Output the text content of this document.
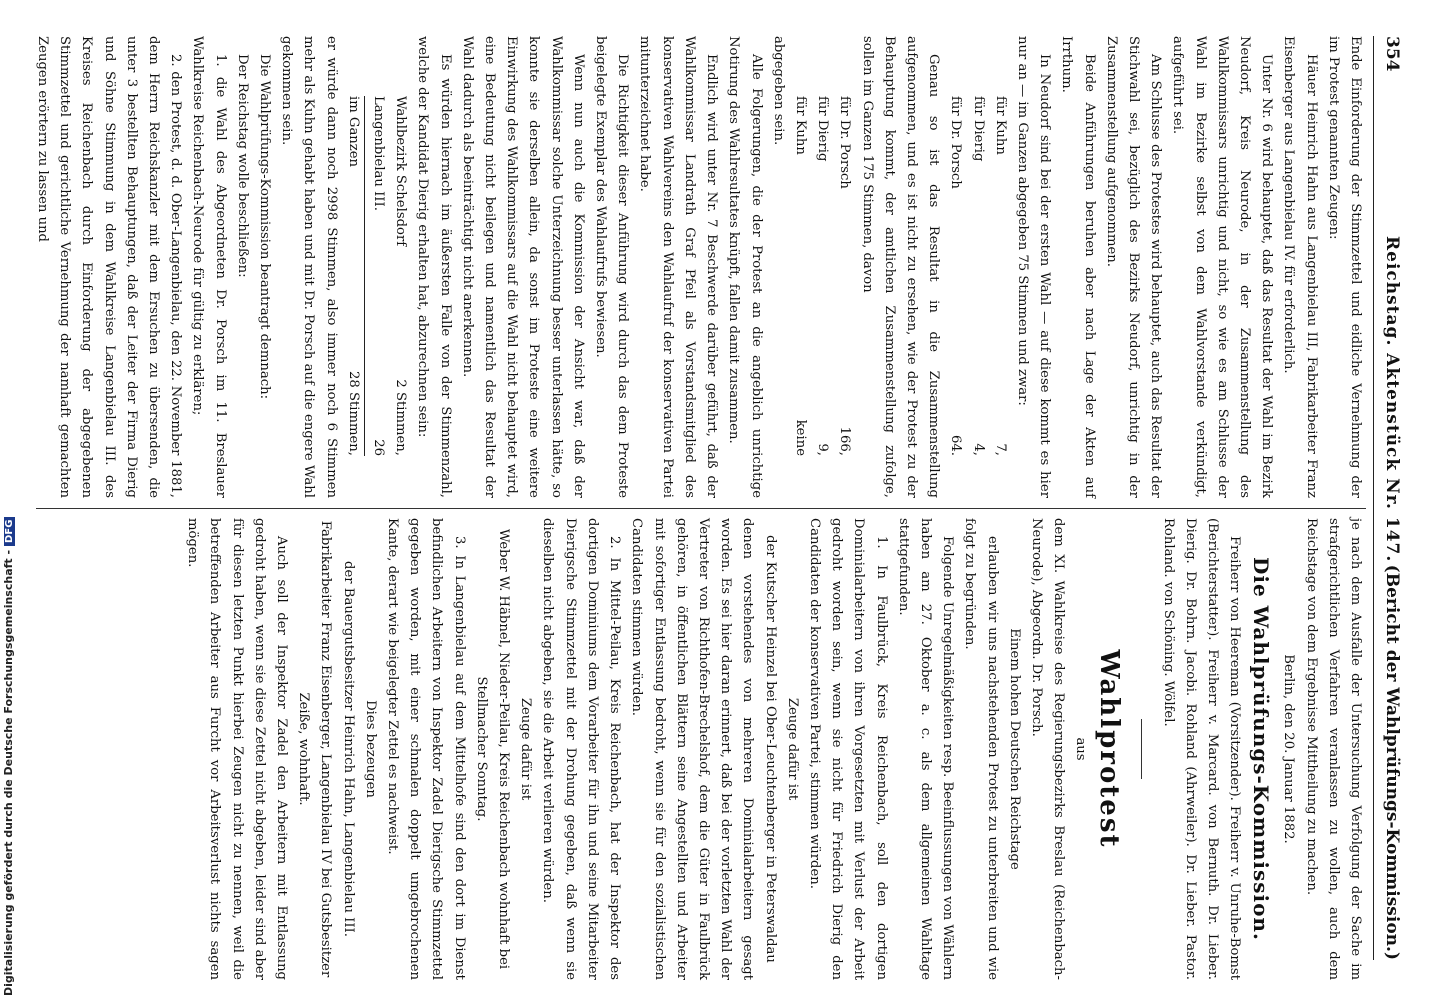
Digitalisierung gefördert durch die Deutsche Forschungsgemeinschaft -DFG
354
Reichstag. Aktenstück Nr. 147.
(Bericht der Wahlprüfungs-Kommission.)

Ende Einforderung der Stimmzettel und eidliche Vernehmung der im Protest genannten Zeugen:

Häuer Heinrich Hahn aus Langenbielau III, Fabrikarbeiter Franz Eisenberger aus Langenbielau IV. für erforderlich.

Unter Nr. 6 wird behauptet, daß das Resultat der Wahl im Bezirk Neudorf, Kreis Neurode, in der Zusammenstellung des Wahlkommissars unrichtig und nicht, so wie es am Schlusse der Wahl im Bezirke selbst von dem Wahlvorstande verkündigt, aufgeführt sei.

Am Schlusse des Protestes wird behauptet, auch das Resultat der Stichwahl sei, bezüglich des Bezirks Neudorf, unrichtig in der Zusammenstellung aufgenommen.

Beide Anführungen beruhen aber nach Lage der Akten auf Irrthum.

In Neudorf sind bei der ersten Wahl — auf diese kommt es hier nur an — im Ganzen abgegeben 75 Stimmen und zwar:

für Kuhn
7,
für Dierig
4,
für Dr. Porsch
64.

Genau so ist das Resultat in die Zusammenstellung aufgenommen, und es ist nicht zu ersehen, wie der Protest zu der Behauptung kommt, der amtlichen Zusammenstellung zufolge, sollen im Ganzen 175 Stimmen, davon

für Dr. Porsch
166,
für Dierig
9,
für Kuhn
keine

abgegeben sein.

Alle Folgerungen, die der Protest an die angeblich unrichtige Notirung des Wahlresultates knüpft, fallen damit zusammen.

Endlich wird unter Nr. 7 Beschwerde darüber geführt, daß der Wahlkommissar Landrath Graf Pfeil als Vorstandsmitglied des konservativen Wahlvereins den Wahlaufruf der konservativen Partei mitunterzeichnet habe.

Die Richtigkeit dieser Anführung wird durch das dem Proteste beigelegte Exemplar des Wahlaufrufs bewiesen.

Wenn nun auch die Kommission der Ansicht war, daß der Wahlkommissar solche Unterzeichnung besser unterlassen hätte, so konnte sie derselben allein, da sonst im Proteste eine weitere Einwirkung des Wahlkommissars auf die Wahl nicht behauptet wird, eine Bedeutung nicht beilegen und namentlich das Resultat der Wahl dadurch als beeinträchtigt nicht anerkennen.

Es würden hiernach im äußersten Falle von der Stimmenzahl, welche der Kandidat Dierig erhalten hat, abzurechnen sein:

Wahlbezirk Schelsdorf
2 Stimmen,
Langenbielau III.
26
im Ganzen
28 Stimmen,

er würde dann noch 2998 Stimmen, also immer noch 6 Stimmen mehr als Kuhn gehabt haben und mit Dr. Porsch auf die engere Wahl gekommen sein.

Die Wahlprüfungs-Kommission beantragt demnach:

Der Reichstag wolle beschließen:

1. die Wahl des Abgeordneten Dr. Porsch im 11. Breslauer Wahlkreise Reichenbach-Neurode für gültig zu erklären;

2. den Protest, d. d. Ober-Langenbielau, den 22. November 1881, dem Herrn Reichskanzler mit dem Ersuchen zu übersenden, die unter 3 bestellten Behauptungen, daß der Leiter der Firma Dierig und Söhne Stimmung in dem Wahlkreise Langenbielau III. des Kreises Reichenbach durch Einforderung der abgegebenen Stimmzettel und gerichtliche Vernehmung der namhaft gemachten Zeugen erörtern zu lassen und

je nach dem Ausfalle der Untersuchung Verfolgung der Sache im strafgerichtlichen Verfahren veranlassen zu wollen, auch dem Reichstage von dem Ergebnisse Mittheilung zu machen.

Berlin, den 20. Januar 1882.

Die Wahlprüfungs-Kommission.

Freiherr von Heereman (Vorsitzender). Freiherr v. Unruhe-Bomst (Berichterstatter). Freiherr v. Marcard. von Bernuth. Dr. Lieber. Dierig. Dr. Bohrn. Jacobi. Rohland (Ahrweiler). Dr. Lieber. Pastor. Rohland. von Schöning. Wölfel.

Wahlprotest

aus

dem XI. Wahlkreise des Regierungsbezirks Breslau (Reichenbach-Neurode), Abgeordn. Dr. Porsch.

Einem hohen Deutschen Reichstage

erlauben wir uns nachstehenden Protest zu unterbreiten und wie folgt zu begründen.

Folgende Unregelmäßigkeiten resp. Beeinflussungen von Wählern haben am 27. Oktober a. c. als dem allgemeinen Wahltage stattgefunden.

1. In Faulbrück, Kreis Reichenbach, soll den dortigen Dominialarbeitern von ihren Vorgesetzten mit Verlust der Arbeit gedroht worden sein, wenn sie nicht für Friedrich Dierig den Candidaten der konservativen Partei, stimmen würden.

Zeuge dafür ist

der Kutscher Heinzel bei Ober-Leuchtenberger in Peterswaldau

denen vorstehendes von mehreren Dominialarbeitern gesagt worden. Es sei hier daran erinnert, daß bei der vorletzten Wahl der Vertreter von Richthofen-Brechelshof, dem die Güter in Faulbrück gehören, in öffentlichen Blättern seine Angestellten und Arbeiter mit sofortiger Entlassung bedroht, wenn sie für den sozialistischen Candidaten stimmen würden.

2. In Mittel-Peilau, Kreis Reichenbach, hat der Inspektor des dortigen Dominiums dem Vorarbeiter für ihn und seine Mitarbeiter Dierigsche Stimmzettel mit der Drohung gegeben, daß wenn sie dieselben nicht abgeben, sie die Arbeit verlieren würden.

Zeuge dafür ist

Weber W. Häbnel, Nieder-Peilau, Kreis Reichenbach wohnhaft bei Stellmacher Sonntag.

3. In Langenbielau auf dem Mittelhofe sind den dort im Dienst befindlichen Arbeitern von Inspektor Zadel Dierigsche Stimmzettel gegeben worden, mit einer schmalen doppelt umgebrochenen Kante, derart wie beigelegter Zettel es nachweist.

Dies bezeugen

der Bauergutsbesitzer Heinrich Hahn, Langenbielau III. Fabrikarbeiter Franz Eisenberger, Langenbielau IV bei Gutsbesitzer Zeiße, wohnhaft.

Auch soll der Inspektor Zadel den Arbeitern mit Entlassung gedroht haben, wenn sie diese Zettel nicht abgeben, leider sind aber für diesen letzten Punkt hierbei Zeugen nicht zu nennen, weil die betreffenden Arbeiter aus Furcht vor Arbeitsverlust nichts sagen mögen.
